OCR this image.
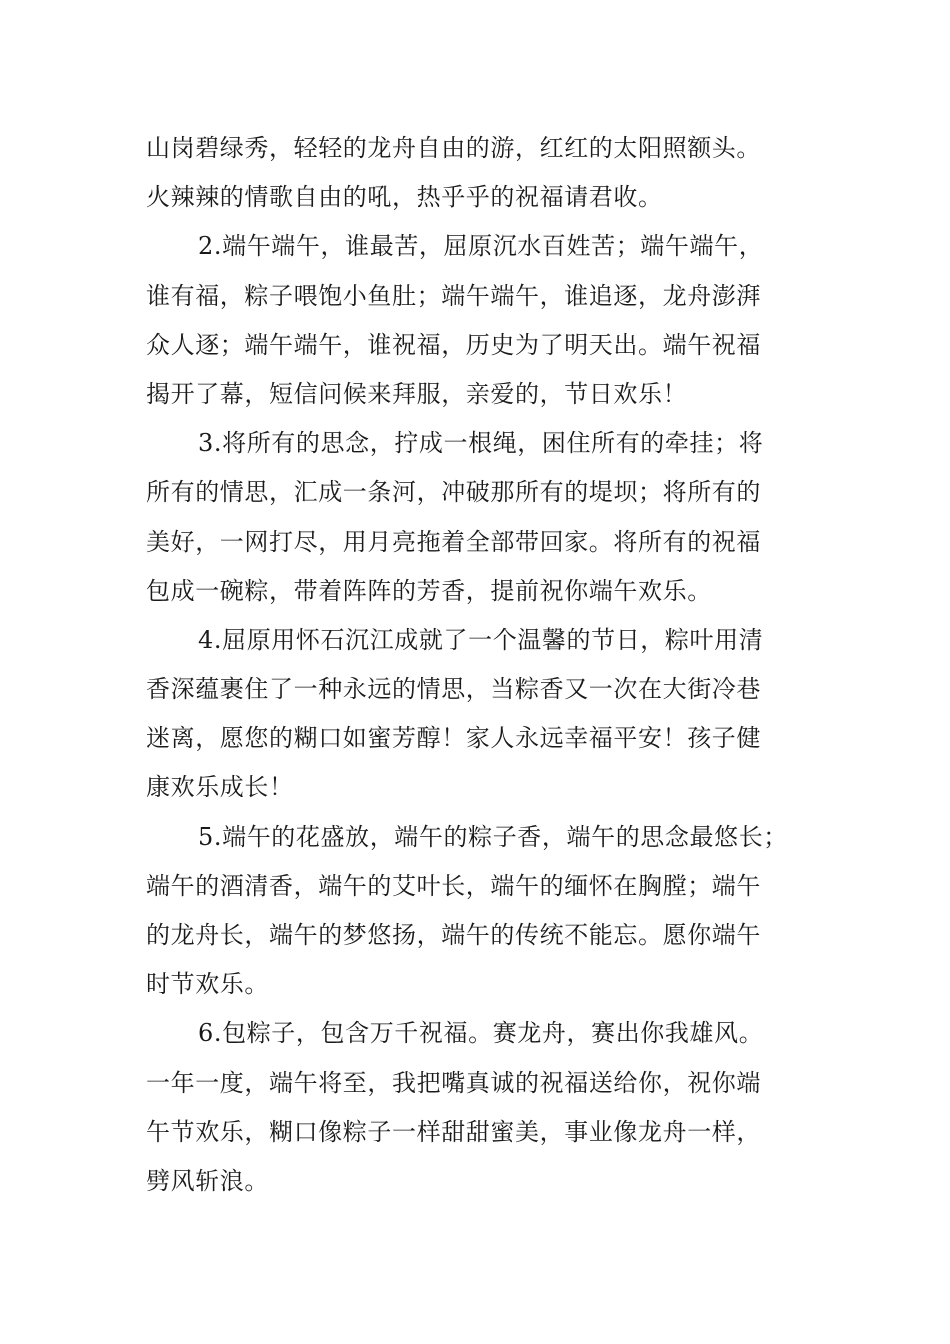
山岗碧绿秀，轻轻的龙舟自由的游，红红的太阳照额头。
火辣辣的情歌自由的吼，热乎乎的祝福请君收。
2.端午端午，谁最苦，屈原沉水百姓苦；端午端午，
谁有福，粽子喂饱小鱼肚；端午端午，谁追逐，龙舟澎湃
众人逐；端午端午，谁祝福，历史为了明天出。端午祝福
揭开了幕，短信问候来拜服，亲爱的，节日欢乐！
3.将所有的思念，拧成一根绳，困住所有的牵挂；将
所有的情思，汇成一条河，冲破那所有的堤坝；将所有的
美好，一网打尽，用月亮拖着全部带回家。将所有的祝福
包成一碗粽，带着阵阵的芳香，提前祝你端午欢乐。
4.屈原用怀石沉江成就了一个温馨的节日，粽叶用清
香深蕴裹住了一种永远的情思，当粽香又一次在大街冷巷
迷离，愿您的糊口如蜜芳醇！家人永远幸福平安！孩子健
康欢乐成长！
5.端午的花盛放，端午的粽子香，端午的思念最悠长；
端午的酒清香，端午的艾叶长，端午的缅怀在胸膛；端午
的龙舟长，端午的梦悠扬，端午的传统不能忘。愿你端午
时节欢乐。
6.包粽子，包含万千祝福。赛龙舟，赛出你我雄风。
一年一度，端午将至，我把嘴真诚的祝福送给你，祝你端
午节欢乐，糊口像粽子一样甜甜蜜美，事业像龙舟一样，
劈风斩浪。
